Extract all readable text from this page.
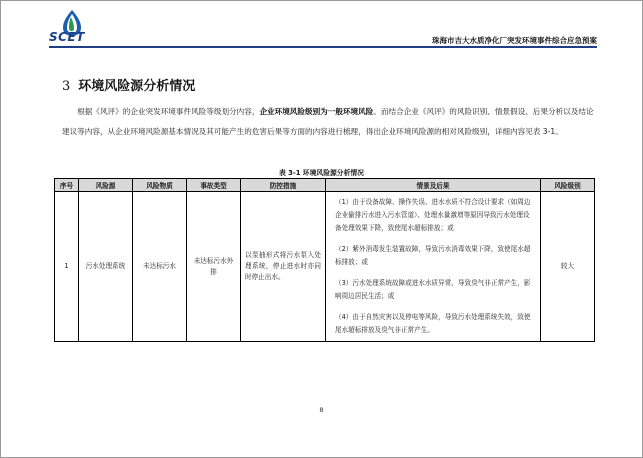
SCET	珠海市吉大水质净化厂突发环境事件综合应急预案
3 环境风险源分析情况
根据《风评》的企业突发环境事件风险等级划分内容，企业环境风险级别为一般环境风险。而结合企业《风评》的风险识别、情景假设、后果分析以及结论建议等内容，从企业环境风险源基本情况及其可能产生的危害后果等方面的内容进行梳理，得出企业环境风险源的相对风险级别，详细内容见表 3-1。
表 3-1 环境风险源分析情况
序号	风险源	风险物质	事故类型	防控措施	情景及后果	风险级别
1	污水处理系统	未达标污水	未达标污水外排	以泵抽形式将污水泵入处理系统，停止进水时亦同时停止出水。	（1）由于设备故障、操作失误、进水水质不符合设计要求（如周边企业偷排污水进入污水管道）、处理水量激增等原因导致污水处理设备处理效果下降，致使尾水超标排放；或
（2）紫外消毒发生装置故障，导致污水消毒效果下降，致使尾水超标排放；或
（3）污水处理系统故障或进水水质异常，导致臭气非正常产生，影响周边居民生活；或
（4）由于自然灾害以及停电等风险，导致污水处理系统失效，致使尾水超标排放及臭气非正常产生。	较大
8
